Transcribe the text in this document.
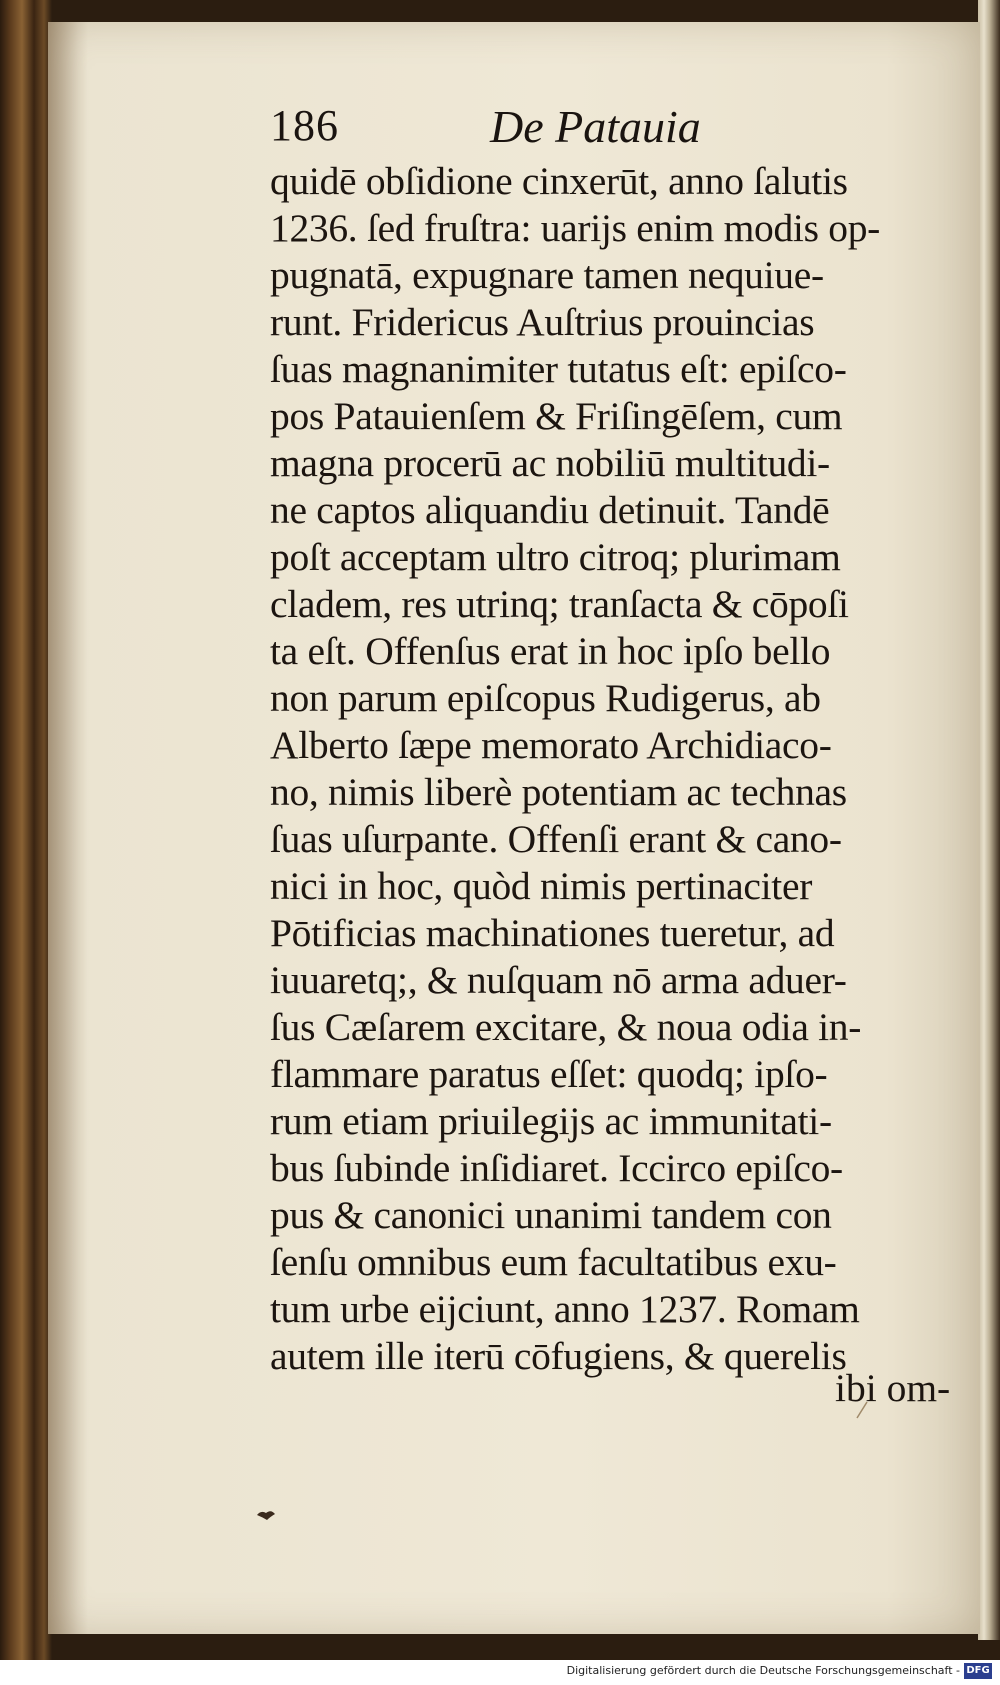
186	De Patauia
quidē obſidione cinxerūt, anno ſalutis
1236. ſed fruſtra: uarijs enim modis op-
pugnatā, expugnare tamen nequiue-
runt. Fridericus Auſtrius prouincias
ſuas magnanimiter tutatus eſt: epiſco-
pos Patauienſem & Friſingēſem, cum
magna procerū ac nobiliū multitudi-
ne captos aliquandiu detinuit. Tandē
poſt acceptam ultro citroq; plurimam
cladem, res utrinq; tranſacta & cōpoſi
ta eſt. Offenſus erat in hoc ipſo bello
non parum epiſcopus Rudigerus, ab
Alberto ſæpe memorato Archidiaco-
no, nimis liberè potentiam ac technas
ſuas uſurpante. Offenſi erant & cano-
nici in hoc, quòd nimis pertinaciter
Pōtificias machinationes tueretur, ad
iuuaretq;, & nuſquam nō arma aduer-
ſus Cæſarem excitare, & noua odia in-
flammare paratus eſſet: quodq; ipſo-
rum etiam priuilegijs ac immunitati-
bus ſubinde inſidiaret. Iccirco epiſco-
pus & canonici unanimi tandem con
ſenſu omnibus eum facultatibus exu-
tum urbe eijciunt, anno 1237. Romam
autem ille iterū cōfugiens, & querelis
ibi om-
Digitalisierung gefördert durch die Deutsche Forschungsgemeinschaft - DFG
